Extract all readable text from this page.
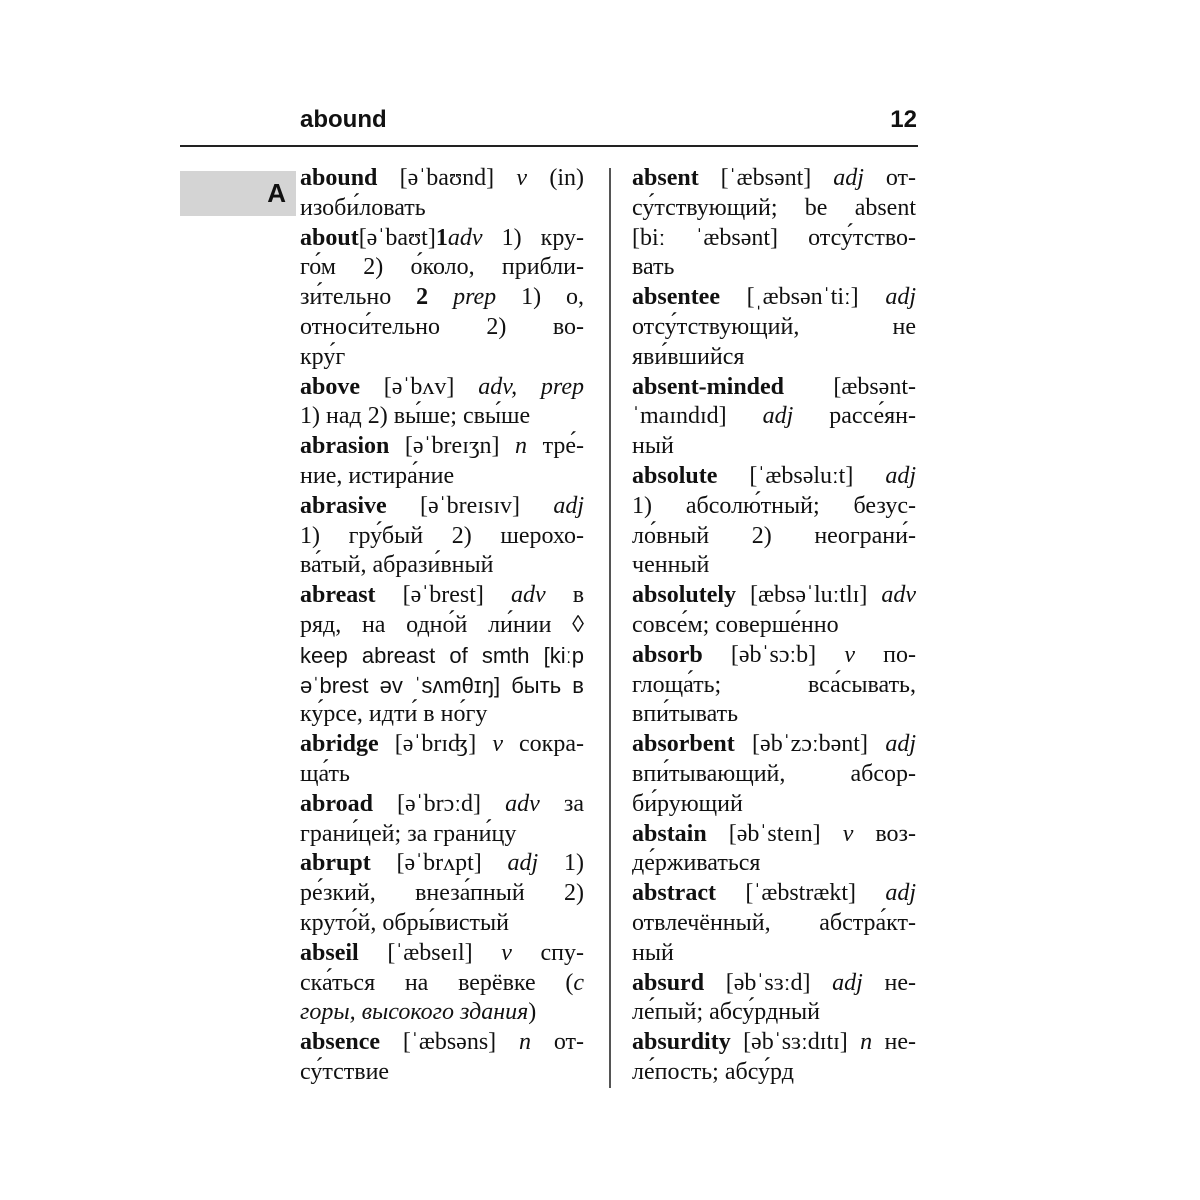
abound	12
A abound [əˈbaʊnd] v (in)
изоби́ловать
about[əˈbaʊt]1adv 1) кру-
го́м 2) о́коло, прибли-
зи́тельно 2 prep 1) о,
относи́тельно 2) во-
кру́г
above [əˈbʌv] adv, prep
1) над 2) вы́ше; свы́ше
abrasion [əˈbreɪʒn] n тре́-
ние, истира́ние
abrasive [əˈbreɪsɪv] adj
1) гру́бый 2) шерохо-
ва́тый, абрази́вный
abreast [əˈbrest] adv в
ряд, на одно́й ли́нии ◊
keep abreast of smth [kiːp
əˈbrest əv ˈsʌmθɪŋ] быть в
ку́рсе, идти́ в но́гу
abridge [əˈbrɪʤ] v сокра-
ща́ть
abroad [əˈbrɔːd] adv за
грани́цей; за грани́цу
abrupt [əˈbrʌpt] adj 1)
ре́зкий, внеза́пный 2)
круто́й, обры́вистый
abseil [ˈæbseɪl] v спу-
ска́ться на верёвке (с
горы, высокого здания)
absence [ˈæbsəns] n от-
су́тствие
absent [ˈæbsənt] adj от-
су́тствующий; be absent
[biː ˈæbsənt] отсу́тство-
вать
absentee [ˌæbsənˈtiː] adj
отсу́тствующий, не
яви́вшийся
absent-minded [æbsənt-
ˈmaɪndɪd] adj рассе́ян-
ный
absolute [ˈæbsəluːt] adj
1) абсолю́тный; безус-
ло́вный 2) неограни́-
ченный
absolutely [æbsəˈluːtlɪ] adv
совсе́м; соверше́нно
absorb [əbˈsɔːb] v по-
глоща́ть; вса́сывать,
впи́тывать
absorbent [əbˈzɔːbənt] adj
впи́тывающий, абсор-
би́рующий
abstain [əbˈsteɪn] v воз-
де́рживаться
abstract [ˈæbstrækt] adj
отвлечённый, абстра́кт-
ный
absurd [əbˈsɜːd] adj не-
ле́пый; абсу́рдный
absurdity [əbˈsɜːdɪtɪ] n не-
ле́пость; абсу́рд
